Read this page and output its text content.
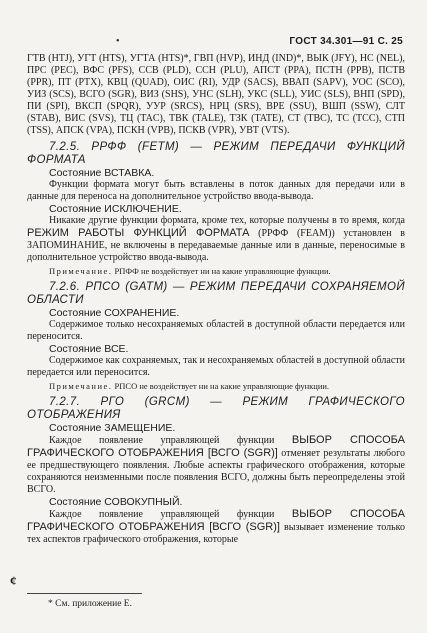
•	ГОСТ 34.301—91 С. 25

ГТВ (НTJ), УГТ (HTS), УГТА (HTS)*, ГВП (HVP), ИНД (IND)*, ВЫК (JFY), НС (NEL), ПРС (PEC), ВФС (PFS), ССВ (PLD), ССН (PLU), АПСТ (PPA), ПСТН (PPB), ПСТВ (PPR), ПТ (PTX), КВЦ (QUAD), ОИС (RI), УДР (SACS), ВВАП (SAPV), УОС (SCO), УИЗ (SCS), ВСГО (SGR), ВИЗ (SHS), УНС (SLH), УКС (SLL), УИС (SLS), ВНП (SPD), ПИ (SPI), ВКСП (SPQR), УУР (SRCS), НРЦ (SRS), ВРЕ (SSU), ВШП (SSW), СЛТ (STAB), ВИС (SVS), ТЦ (TAC), ТВК (TALE), ТЗК (TATE), СТ (TBC), ТС (TCC), СТП (TSS), АПСК (VPA), ПСКН (VPB), ПСКВ (VPR), УВТ (VTS).

7.2.5. РРФФ (FETM) — РЕЖИМ ПЕРЕДАЧИ ФУНКЦИЙ ФОРМАТА

Состояние ВСТАВКА.

Функции формата могут быть вставлены в поток данных для передачи или в данные для переноса на дополнительное устройство ввода-вывода.

Состояние ИСКЛЮЧЕНИЕ.

Никакие другие функции формата, кроме тех, которые получены в то время, когда РЕЖИМ РАБОТЫ ФУНКЦИЙ ФОРМАТА (РРФФ (FEAM)) установлен в ЗАПОМИНАНИЕ, не включены в передаваемые данные или в данные, переносимые в дополнительное устройство ввода-вывода.

Примечание. РПФФ не воздействует ни на какие управляющие функции.

7.2.6. РПСО (GATM) — РЕЖИМ ПЕРЕДАЧИ СОХРАНЯЕМОЙ ОБЛАСТИ

Состояние СОХРАНЕНИЕ.

Содержимое только несохраняемых областей в доступной области передается или переносится.

Состояние ВСЕ.

Содержимое как сохраняемых, так и несохраняемых областей в доступной области передается или переносится.

Примечание. РПСО не воздействует ни на какие управляющие функции.

7.2.7. РГО (GRCM) — РЕЖИМ ГРАФИЧЕСКОГО ОТОБРАЖЕНИЯ

Состояние ЗАМЕЩЕНИЕ.

Каждое появление управляющей функции ВЫБОР СПОСОБА ГРАФИЧЕСКОГО ОТОБРАЖЕНИЯ [ВСГО (SGR)] отменяет результаты любого ее предшествующего появления. Любые аспекты графического отображения, которые сохраняются неизменными после появления ВСГО, должны быть переопределены этой ВСГО.

Состояние СОВОКУПНЫЙ.

Каждое появление управляющей функции ВЫБОР СПОСОБА ГРАФИЧЕСКОГО ОТОБРАЖЕНИЯ [ВСГО (SGR)] вызывает изменение только тех аспектов графического отображения, которые

¢
* См. приложение Е.
